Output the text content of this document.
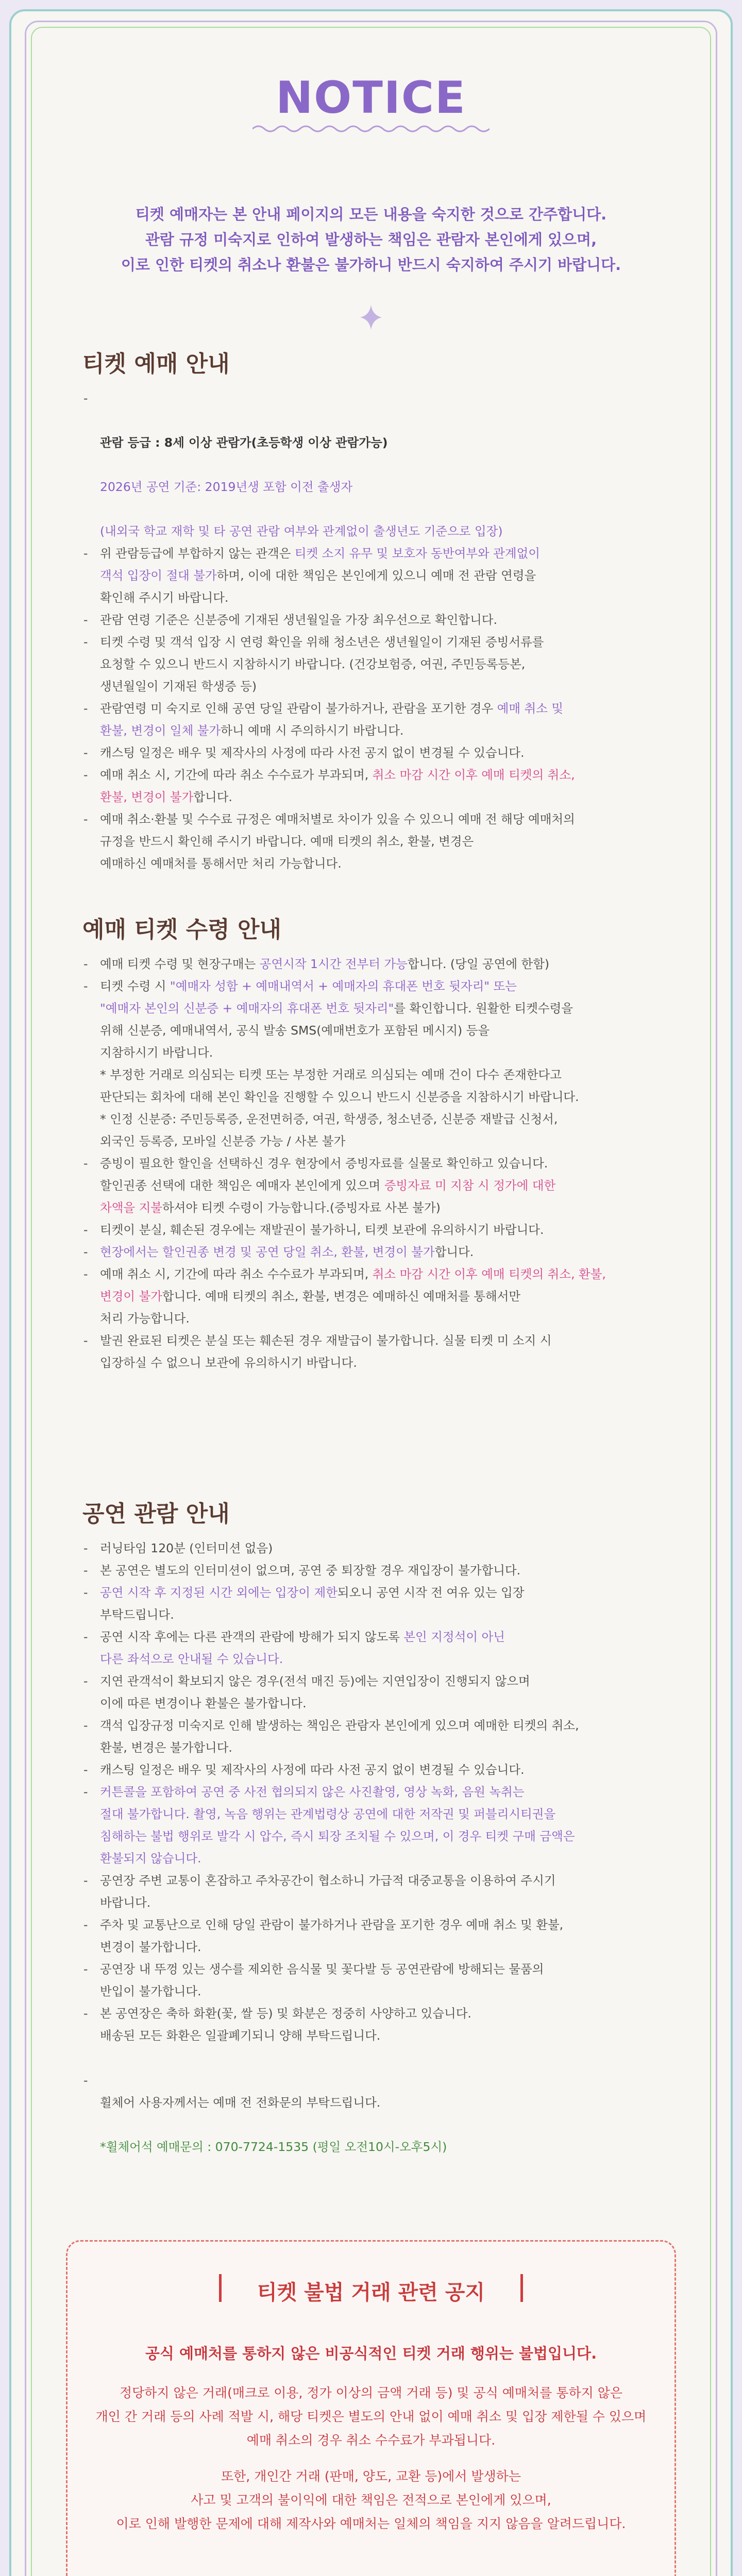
NOTICE
티켓 예매자는 본 안내 페이지의 모든 내용을 숙지한 것으로 간주합니다.
관람 규정 미숙지로 인하여 발생하는 책임은 관람자 본인에게 있으며,
이로 인한 티켓의 취소나 환불은 불가하니 반드시 숙지하여 주시기 바랍니다.
티켓 예매 안내

-

관람 등급 : 8세 이상 관람가(초등학생 이상 관람가능)

2026년 공연 기준: 2019년생 포함 이전 출생자

(내외국 학교 재학 및 타 공연 관람 여부와 관계없이 출생년도 기준으로 입장)

- 위 관람등급에 부합하지 않는 관객은 티켓 소지 유무 및 보호자 동반여부와 관계없이
객석 입장이 절대 불가하며, 이에 대한 책임은 본인에게 있으니 예매 전 관람 연령을
확인해 주시기 바랍니다.
- 관람 연령 기준은 신분증에 기재된 생년월일을 가장 최우선으로 확인합니다.
- 티켓 수령 및 객석 입장 시 연령 확인을 위해 청소년은 생년월일이 기재된 증빙서류를
요청할 수 있으니 반드시 지참하시기 바랍니다. (건강보험증, 여권, 주민등록등본,
생년월일이 기재된 학생증 등)
- 관람연령 미 숙지로 인해 공연 당일 관람이 불가하거나, 관람을 포기한 경우 예매 취소 및
환불, 변경이 일체 불가하니 예매 시 주의하시기 바랍니다.
- 캐스팅 일정은 배우 및 제작사의 사정에 따라 사전 공지 없이 변경될 수 있습니다.
- 예매 취소 시, 기간에 따라 취소 수수료가 부과되며, 취소 마감 시간 이후 예매 티켓의 취소,
환불, 변경이 불가합니다.
- 예매 취소·환불 및 수수료 규정은 예매처별로 차이가 있을 수 있으니 예매 전 해당 예매처의
규정을 반드시 확인해 주시기 바랍니다. 예매 티켓의 취소, 환불, 변경은
예매하신 예매처를 통해서만 처리 가능합니다.
예매 티켓 수령 안내
- 예매 티켓 수령 및 현장구매는 공연시작 1시간 전부터 가능합니다. (당일 공연에 한함)
- 티켓 수령 시 "예매자 성함 + 예매내역서 + 예매자의 휴대폰 번호 뒷자리" 또는
"예매자 본인의 신분증 + 예매자의 휴대폰 번호 뒷자리"를 확인합니다. 원활한 티켓수령을
위해 신분증, 예매내역서, 공식 발송 SMS(예매번호가 포함된 메시지) 등을
지참하시기 바랍니다.
* 부정한 거래로 의심되는 티켓 또는 부정한 거래로 의심되는 예매 건이 다수 존재한다고
판단되는 회차에 대해 본인 확인을 진행할 수 있으니 반드시 신분증을 지참하시기 바랍니다.
* 인정 신분증: 주민등록증, 운전면허증, 여권, 학생증, 청소년증, 신분증 재발급 신청서,
외국인 등록증, 모바일 신분증 가능 / 사본 불가
- 증빙이 필요한 할인을 선택하신 경우 현장에서 증빙자료를 실물로 확인하고 있습니다.
할인권종 선택에 대한 책임은 예매자 본인에게 있으며 증빙자료 미 지참 시 정가에 대한
차액을 지불하셔야 티켓 수령이 가능합니다.(증빙자료 사본 불가)
- 티켓이 분실, 훼손된 경우에는 재발권이 불가하니, 티켓 보관에 유의하시기 바랍니다.
- 현장에서는 할인권종 변경 및 공연 당일 취소, 환불, 변경이 불가합니다.
- 예매 취소 시, 기간에 따라 취소 수수료가 부과되며, 취소 마감 시간 이후 예매 티켓의 취소, 환불,
변경이 불가합니다. 예매 티켓의 취소, 환불, 변경은 예매하신 예매처를 통해서만
처리 가능합니다.
- 발권 완료된 티켓은 분실 또는 훼손된 경우 재발급이 불가합니다. 실물 티켓 미 소지 시
입장하실 수 없으니 보관에 유의하시기 바랍니다.
공연 관람 안내
- 러닝타임 120분 (인터미션 없음)
- 본 공연은 별도의 인터미션이 없으며, 공연 중 퇴장할 경우 재입장이 불가합니다.
- 공연 시작 후 지정된 시간 외에는 입장이 제한되오니 공연 시작 전 여유 있는 입장
부탁드립니다.
- 공연 시작 후에는 다른 관객의 관람에 방해가 되지 않도록 본인 지정석이 아닌
다른 좌석으로 안내될 수 있습니다.
- 지연 관객석이 확보되지 않은 경우(전석 매진 등)에는 지연입장이 진행되지 않으며
이에 따른 변경이나 환불은 불가합니다.
- 객석 입장규정 미숙지로 인해 발생하는 책임은 관람자 본인에게 있으며 예매한 티켓의 취소,
환불, 변경은 불가합니다.
- 캐스팅 일정은 배우 및 제작사의 사정에 따라 사전 공지 없이 변경될 수 있습니다.
- 커튼콜을 포함하여 공연 중 사전 협의되지 않은 사진촬영, 영상 녹화, 음원 녹취는
절대 불가합니다. 촬영, 녹음 행위는 관계법령상 공연에 대한 저작권 및 퍼블리시티권을
침해하는 불법 행위로 발각 시 압수, 즉시 퇴장 조치될 수 있으며, 이 경우 티켓 구매 금액은
환불되지 않습니다.
- 공연장 주변 교통이 혼잡하고 주차공간이 협소하니 가급적 대중교통을 이용하여 주시기
바랍니다.
- 주차 및 교통난으로 인해 당일 관람이 불가하거나 관람을 포기한 경우 예매 취소 및 환불,
변경이 불가합니다.
- 공연장 내 뚜껑 있는 생수를 제외한 음식물 및 꽃다발 등 공연관람에 방해되는 물품의
반입이 불가합니다.
- 본 공연장은 축하 화환(꽃, 쌀 등) 및 화분은 정중히 사양하고 있습니다.
배송된 모든 화환은 일괄폐기되니 양해 부탁드립니다.

-
휠체어 사용자께서는 예매 전 전화문의 부탁드립니다.

*휠체어석 예매문의 : 070-7724-1535 (평일 오전10시-오후5시)

티켓 불법 거래 관련 공지
공식 예매처를 통하지 않은 비공식적인 티켓 거래 행위는 불법입니다.
정당하지 않은 거래(매크로 이용, 정가 이상의 금액 거래 등) 및 공식 예매처를 통하지 않은
개인 간 거래 등의 사례 적발 시, 해당 티켓은 별도의 안내 없이 예매 취소 및 입장 제한될 수 있으며
예매 취소의 경우 취소 수수료가 부과됩니다.
또한, 개인간 거래 (판매, 양도, 교환 등)에서 발생하는
사고 및 고객의 불이익에 대한 책임은 전적으로 본인에게 있으며,
이로 인해 발행한 문제에 대해 제작사와 예매처는 일체의 책임을 지지 않음을 알려드립니다.
